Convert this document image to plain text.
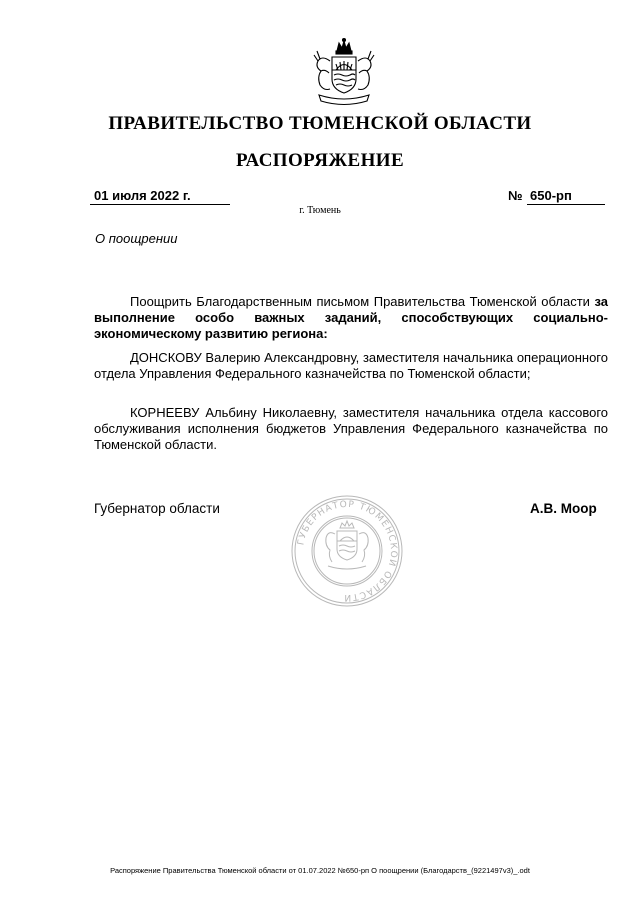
ПРАВИТЕЛЬСТВО ТЮМЕНСКОЙ ОБЛАСТИ
РАСПОРЯЖЕНИЕ
01 июля 2022 г.	№ 650-рп
г. Тюмень
О поощрении
Поощрить Благодарственным письмом Правительства Тюменской области за выполнение особо важных заданий, способствующих социально-экономическому развитию региона:
ДОНСКОВУ Валерию Александровну, заместителя начальника операционного отдела Управления Федерального казначейства по Тюменской области;
КОРНЕЕВУ Альбину Николаевну, заместителя начальника отдела кассового обслуживания исполнения бюджетов Управления Федерального казначейства по Тюменской области.
Губернатор области	А.В. Моор
ГУБЕРНАТОР ТЮМЕНСКОЙ ОБЛАСТИ
Распоряжение Правительства Тюменской области от 01.07.2022 №650-рп О поощрении (Благодарств_(9221497v3)_.odt
